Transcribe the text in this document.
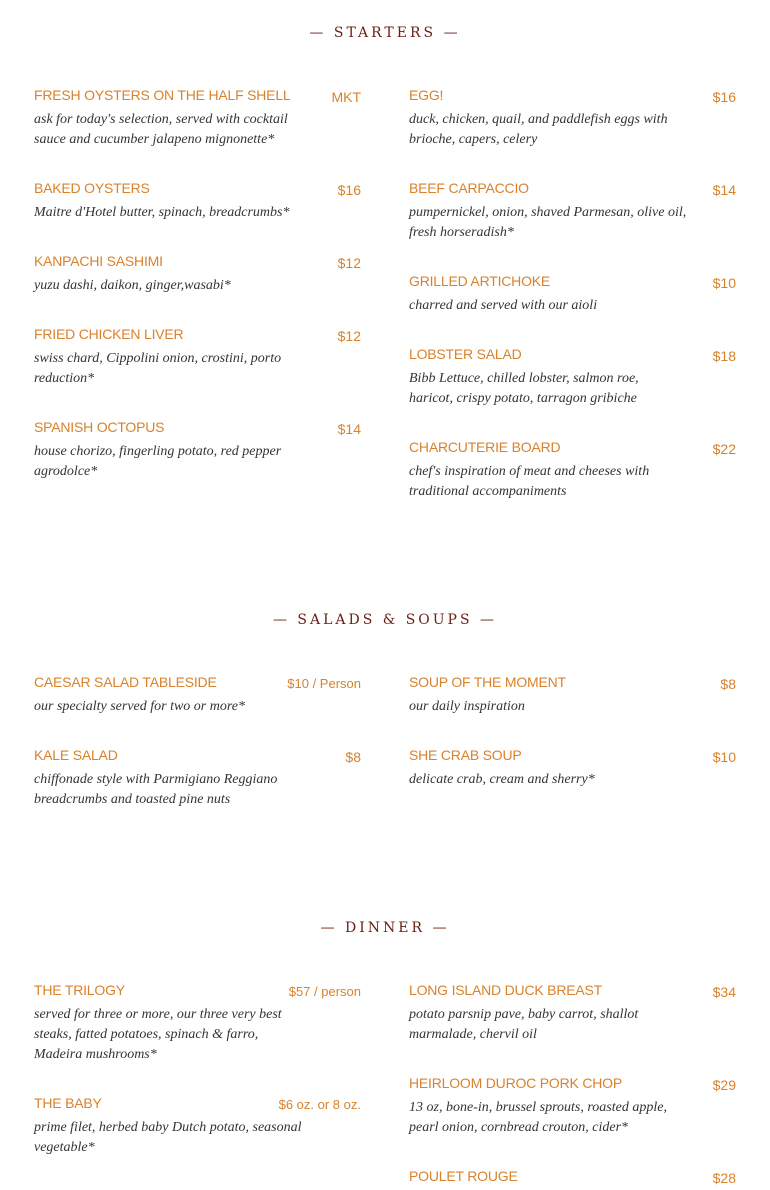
— STARTERS —
FRESH OYSTERS ON THE HALF SHELL	MKT
ask for today's selection, served with cocktail sauce and cucumber jalapeno mignonette*
BAKED OYSTERS	$16
Maitre d'Hotel butter, spinach, breadcrumbs*
KANPACHI SASHIMI	$12
yuzu dashi, daikon, ginger,wasabi*
FRIED CHICKEN LIVER	$12
swiss chard, Cippolini onion, crostini, porto reduction*
SPANISH OCTOPUS	$14
house chorizo, fingerling potato, red pepper agrodolce*
EGG!	$16
duck, chicken, quail, and paddlefish eggs with brioche, capers, celery
BEEF CARPACCIO	$14
pumpernickel, onion, shaved Parmesan, olive oil, fresh horseradish*
GRILLED ARTICHOKE	$10
charred and served with our aioli
LOBSTER SALAD	$18
Bibb Lettuce, chilled lobster, salmon roe, haricot, crispy potato, tarragon gribiche
CHARCUTERIE BOARD	$22
chef's inspiration of meat and cheeses with traditional accompaniments
— SALADS & SOUPS —
CAESAR SALAD TABLESIDE	$10 / Person
our specialty served for two or more*
KALE SALAD	$8
chiffonade style with Parmigiano Reggiano breadcrumbs and toasted pine nuts
SOUP OF THE MOMENT	$8
our daily inspiration
SHE CRAB SOUP	$10
delicate crab, cream and sherry*
— DINNER —
THE TRILOGY	$57 / person
served for three or more, our three very best steaks, fatted potatoes, spinach & farro, Madeira mushrooms*
THE BABY	$6 oz. or 8 oz.
prime filet, herbed baby Dutch potato, seasonal vegetable*
LONG ISLAND DUCK BREAST	$34
potato parsnip pave, baby carrot, shallot marmalade, chervil oil
HEIRLOOM DUROC PORK CHOP	$29
13 oz, bone-in, brussel sprouts, roasted apple, pearl onion, cornbread crouton, cider*
POULET ROUGE	$28
